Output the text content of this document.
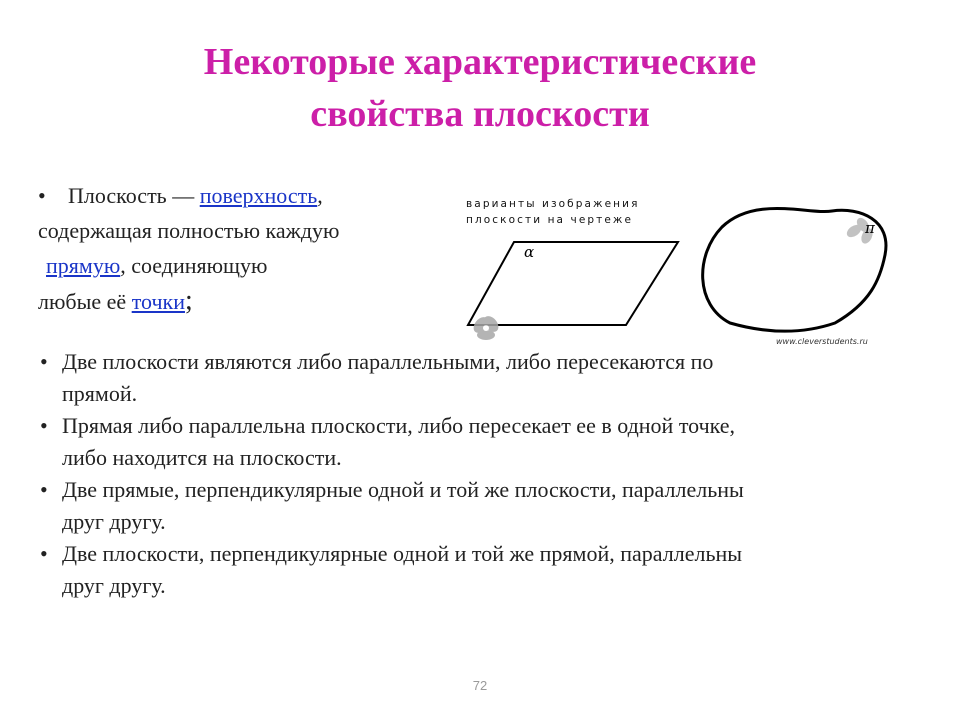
Некоторые характеристические
свойства плоскости
• Плоскость — поверхность,
содержащая полностью каждую
прямую, соединяющую
любые её точки;
варианты изображения
плоскости на чертеже
α
π
www.cleverstudents.ru

• Две плоскости являются либо параллельными, либо пересекаются по
прямой.

• Прямая либо параллельна плоскости, либо пересекает ее в одной точке,
либо находится на плоскости.

• Две прямые, перпендикулярные одной и той же плоскости, параллельны
друг другу.

• Две плоскости, перпендикулярные одной и той же прямой, параллельны
друг другу.

72
